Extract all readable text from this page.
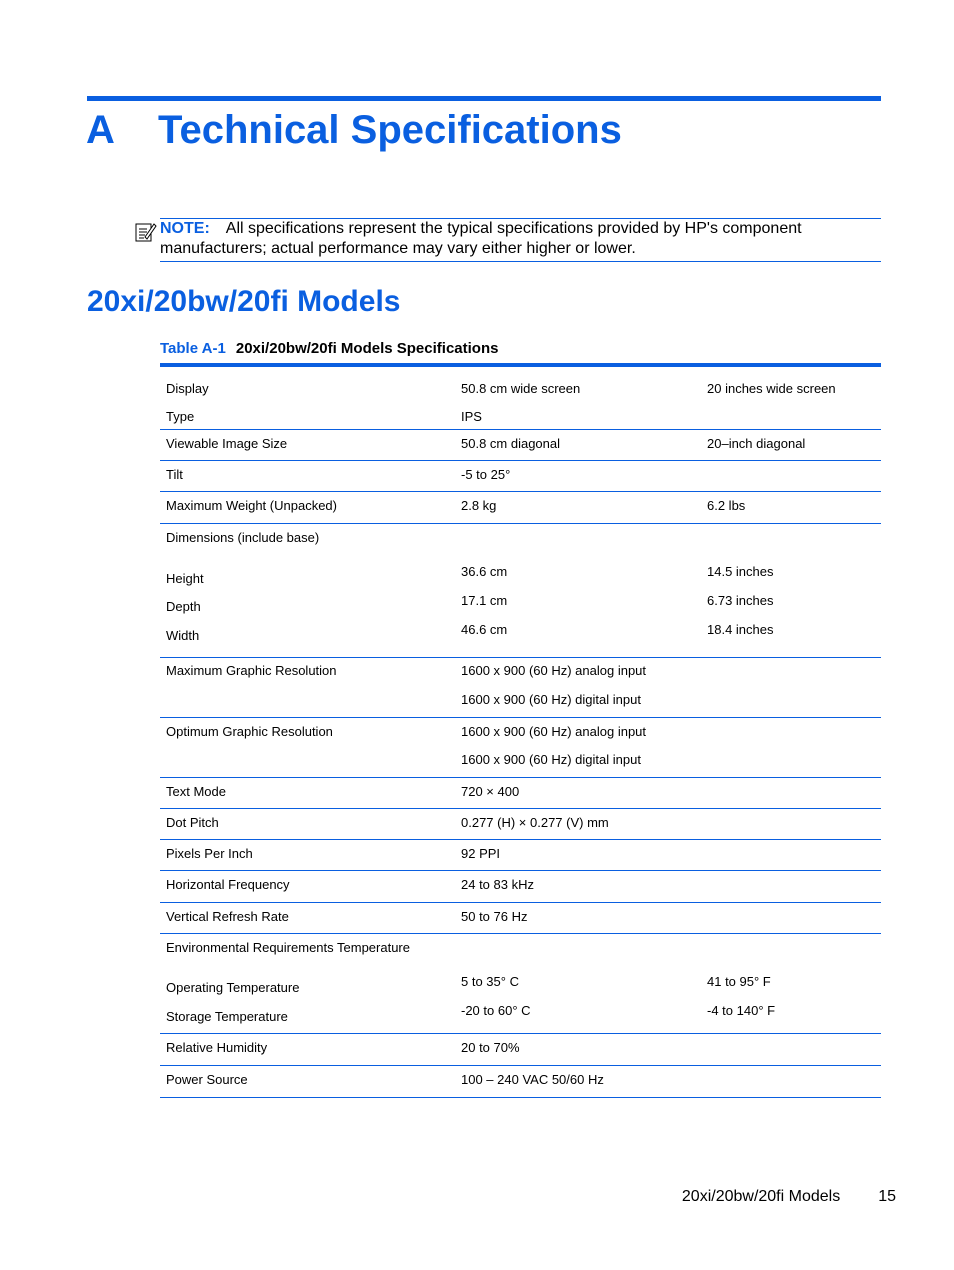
A Technical Specifications
NOTE: All specifications represent the typical specifications provided by HP's component manufacturers; actual performance may vary either higher or lower.
20xi/20bw/20fi Models
Table A-1 20xi/20bw/20fi Models Specifications
Display	50.8 cm wide screen	20 inches wide screen
Type	IPS
Viewable Image Size	50.8 cm diagonal	20–inch diagonal
Tilt	-5 to 25°
Maximum Weight (Unpacked)	2.8 kg	6.2 lbs
Dimensions (include base)
Height	36.6 cm	14.5 inches
Depth	17.1 cm	6.73 inches
Width	46.6 cm	18.4 inches
Maximum Graphic Resolution	1600 x 900 (60 Hz) analog input
1600 x 900 (60 Hz) digital input
Optimum Graphic Resolution	1600 x 900 (60 Hz) analog input
1600 x 900 (60 Hz) digital input
Text Mode	720 × 400
Dot Pitch	0.277 (H) × 0.277 (V) mm
Pixels Per Inch	92 PPI
Horizontal Frequency	24 to 83 kHz
Vertical Refresh Rate	50 to 76 Hz
Environmental Requirements Temperature
Operating Temperature	5 to 35° C	41 to 95° F
Storage Temperature	-20 to 60° C	-4 to 140° F
Relative Humidity	20 to 70%
Power Source	100 – 240 VAC 50/60 Hz
20xi/20bw/20fi Models 15
